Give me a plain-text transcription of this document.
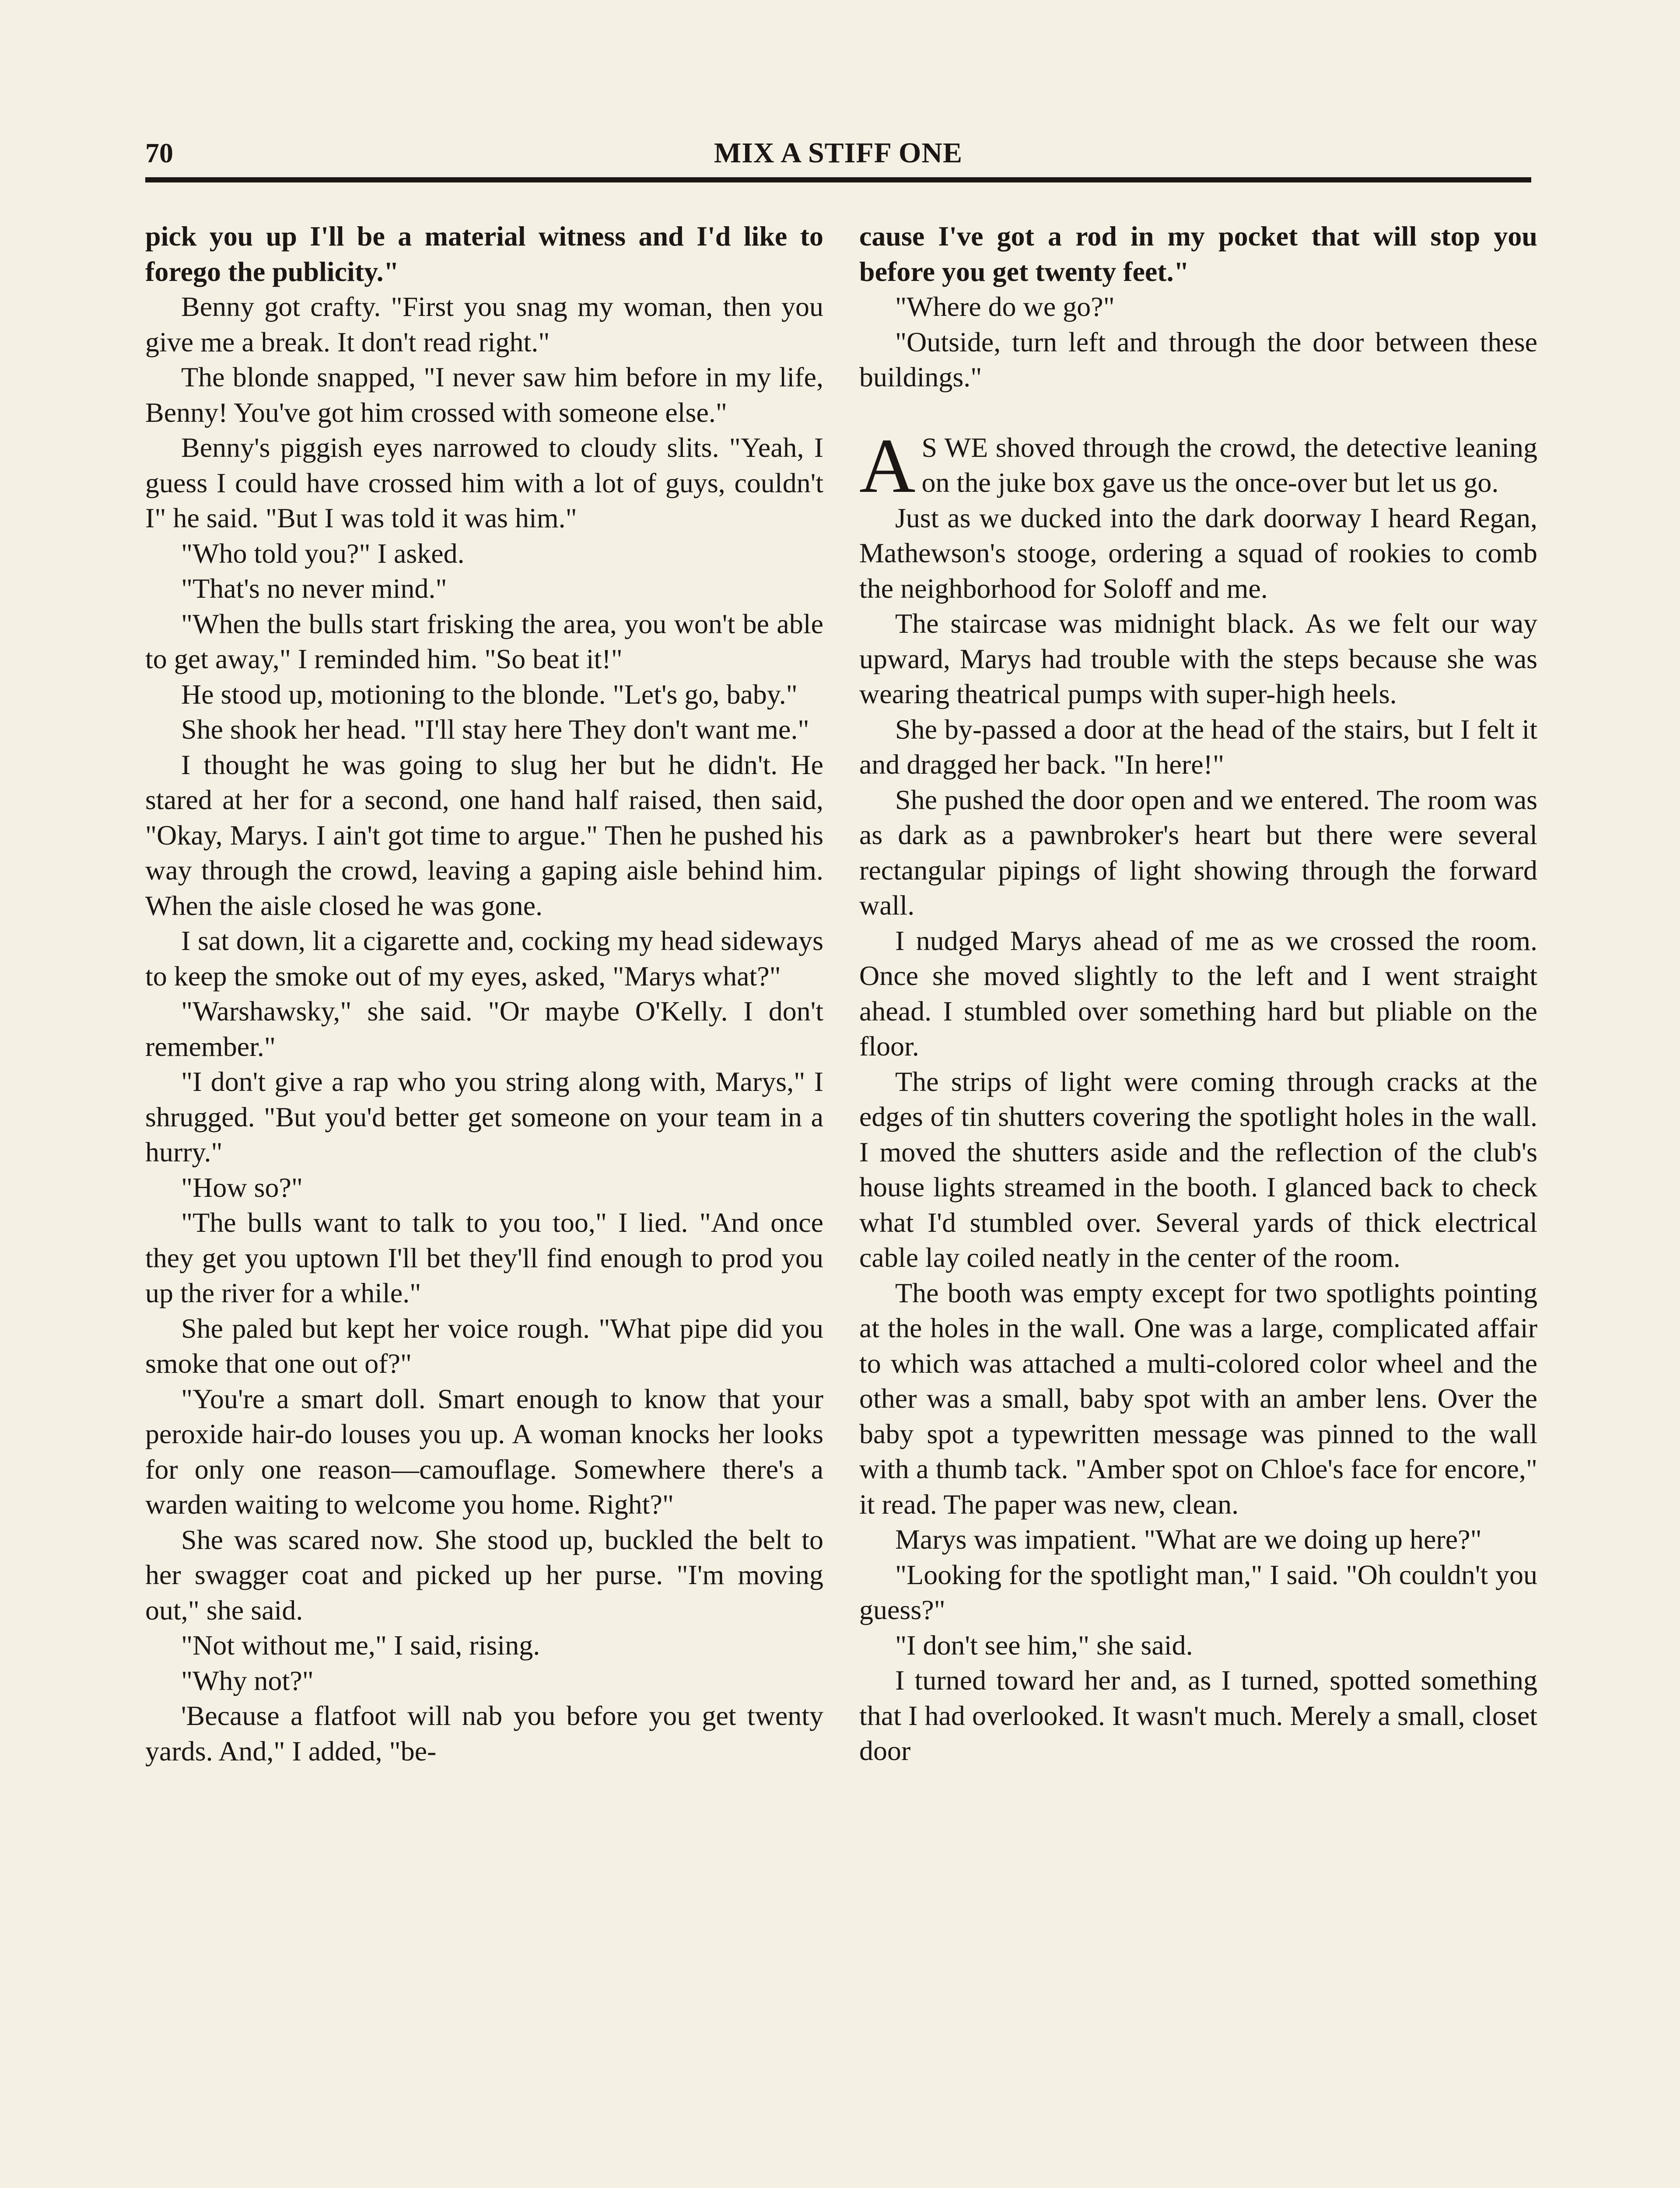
70	MIX A STIFF ONE

pick you up I'll be a material witness and I'd like to forego the publicity."

Benny got crafty. "First you snag my woman, then you give me a break. It don't read right."

The blonde snapped, "I never saw him before in my life, Benny! You've got him crossed with someone else."

Benny's piggish eyes narrowed to cloudy slits. "Yeah, I guess I could have crossed him with a lot of guys, couldn't I" he said. "But I was told it was him."

"Who told you?" I asked.

"That's no never mind."

"When the bulls start frisking the area, you won't be able to get away," I reminded him. "So beat it!"

He stood up, motioning to the blonde. "Let's go, baby."

She shook her head. "I'll stay here They don't want me."

I thought he was going to slug her but he didn't. He stared at her for a second, one hand half raised, then said, "Okay, Marys. I ain't got time to argue." Then he pushed his way through the crowd, leaving a gaping aisle behind him. When the aisle closed he was gone.

I sat down, lit a cigarette and, cocking my head sideways to keep the smoke out of my eyes, asked, "Marys what?"

"Warshawsky," she said. "Or maybe O'Kelly. I don't remember."

"I don't give a rap who you string along with, Marys," I shrugged. "But you'd better get someone on your team in a hurry."

"How so?"

"The bulls want to talk to you too," I lied. "And once they get you uptown I'll bet they'll find enough to prod you up the river for a while."

She paled but kept her voice rough. "What pipe did you smoke that one out of?"

"You're a smart doll. Smart enough to know that your peroxide hair-do louses you up. A woman knocks her looks for only one reason—camouflage. Somewhere there's a warden waiting to welcome you home. Right?"

She was scared now. She stood up, buckled the belt to her swagger coat and picked up her purse. "I'm moving out," she said.

"Not without me," I said, rising.

"Why not?"

'Because a flatfoot will nab you before you get twenty yards. And," I added, "be-

cause I've got a rod in my pocket that will stop you before you get twenty feet."

"Where do we go?"

"Outside, turn left and through the door between these buildings."

A S WE shoved through the crowd, the detective leaning on the juke box gave us the once-over but let us go.

Just as we ducked into the dark doorway I heard Regan, Mathewson's stooge, ordering a squad of rookies to comb the neighborhood for Soloff and me.

The staircase was midnight black. As we felt our way upward, Marys had trouble with the steps because she was wearing theatrical pumps with super-high heels.

She by-passed a door at the head of the stairs, but I felt it and dragged her back. "In here!"

She pushed the door open and we entered. The room was as dark as a pawnbroker's heart but there were several rectangular pipings of light showing through the forward wall.

I nudged Marys ahead of me as we crossed the room. Once she moved slightly to the left and I went straight ahead. I stumbled over something hard but pliable on the floor.

The strips of light were coming through cracks at the edges of tin shutters covering the spotlight holes in the wall. I moved the shutters aside and the reflection of the club's house lights streamed in the booth. I glanced back to check what I'd stumbled over. Several yards of thick electrical cable lay coiled neatly in the center of the room.

The booth was empty except for two spotlights pointing at the holes in the wall. One was a large, complicated affair to which was attached a multi-colored color wheel and the other was a small, baby spot with an amber lens. Over the baby spot a typewritten message was pinned to the wall with a thumb tack. "Amber spot on Chloe's face for encore," it read. The paper was new, clean.

Marys was impatient. "What are we doing up here?"

"Looking for the spotlight man," I said. "Oh couldn't you guess?"

"I don't see him," she said.

I turned toward her and, as I turned, spotted something that I had overlooked. It wasn't much. Merely a small, closet door
